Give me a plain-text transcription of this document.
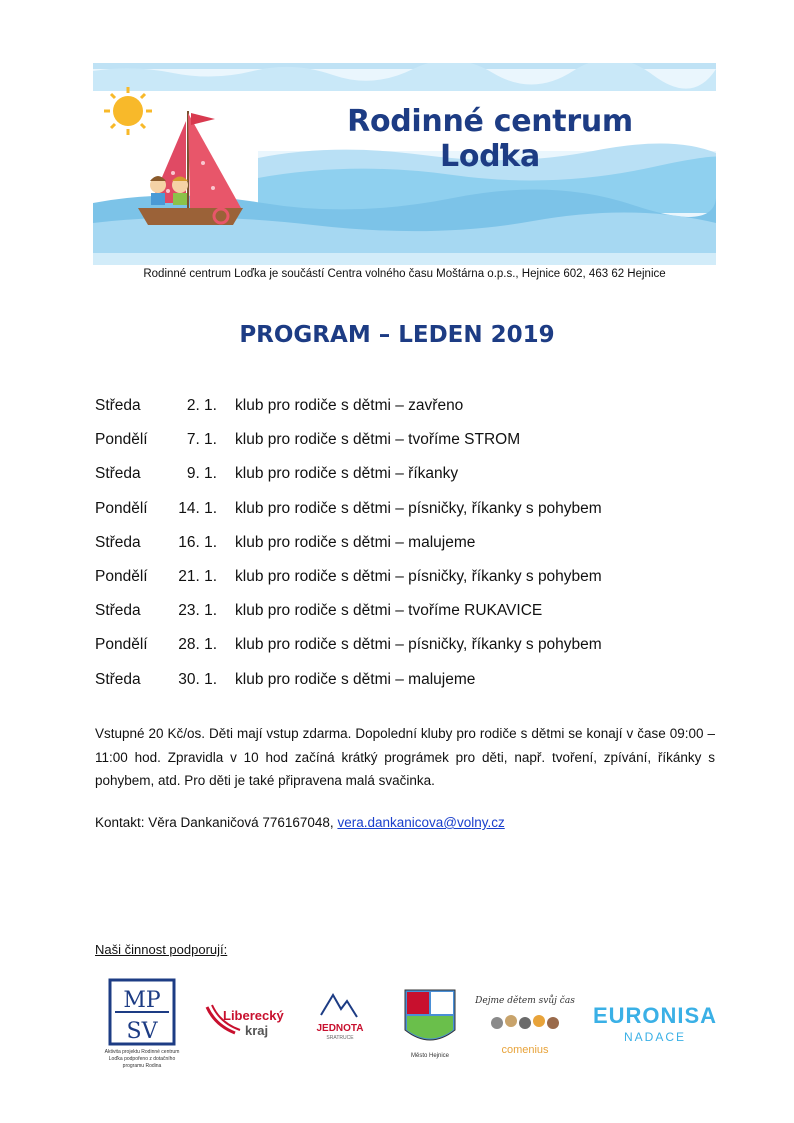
Rodinné centrum Loďka
Rodinné centrum Loďka je součástí Centra volného času Moštárna o.p.s., Hejnice 602, 463 62 Hejnice
PROGRAM – LEDEN 2019
Středa	2. 1. klub pro rodiče s dětmi – zavřeno
Pondělí	7. 1. klub pro rodiče s dětmi – tvoříme STROM
Středa	9. 1. klub pro rodiče s dětmi – říkanky
Pondělí	14. 1. klub pro rodiče s dětmi – písničky, říkanky s pohybem
Středa	16. 1. klub pro rodiče s dětmi – malujeme
Pondělí	21. 1. klub pro rodiče s dětmi – písničky, říkanky s pohybem
Středa	23. 1. klub pro rodiče s dětmi – tvoříme RUKAVICE
Pondělí	28. 1. klub pro rodiče s dětmi – písničky, říkanky s pohybem
Středa	30. 1. klub pro rodiče s dětmi – malujeme
Vstupné 20 Kč/os. Děti mají vstup zdarma. Dopolední kluby pro rodiče s dětmi se konají v čase 09:00 – 11:00 hod. Zpravidla v 10 hod začíná krátký prográmek pro děti, např. tvoření, zpívání, říkánky s pohybem, atd. Pro děti je také připravena malá svačinka.
Kontakt: Věra Dankaničová 776167048, vera.dankanicova@volny.cz
Naši činnost podporují:
MP
SV
Aktivita projektu Rodinné centrum
Loďka podpořeno z dotačního
programu Rodina
Liberecký
kraj	JEDNOTA
SRATRUCE
Město Hejnice
Dejme dětem svůj čas
comenius
EURONISA
NADACE
